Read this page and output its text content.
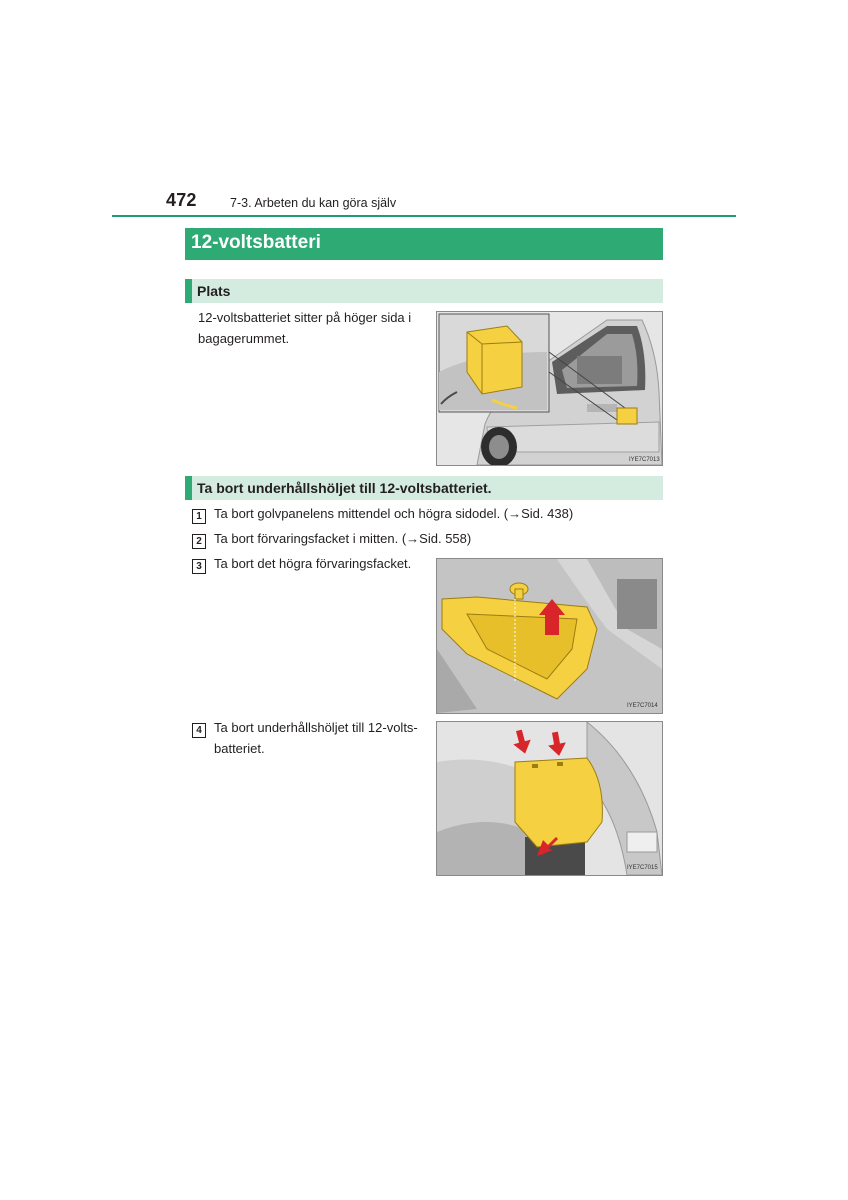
472	7-3. Arbeten du kan göra själv
12-voltsbatteri
Plats
12-voltsbatteriet sitter på höger sida i
bagagerummet.
IYE7C7013
Ta bort underhållshöljet till 12-voltsbatteriet.
1 Ta bort golvpanelens mittendel och högra sidodel. (→Sid. 438)
2 Ta bort förvaringsfacket i mitten. (→Sid. 558)
3 Ta bort det högra förvaringsfacket.
IYE7C7014
4 Ta bort underhållshöljet till 12-volts-
batteriet.
IYE7C7015
